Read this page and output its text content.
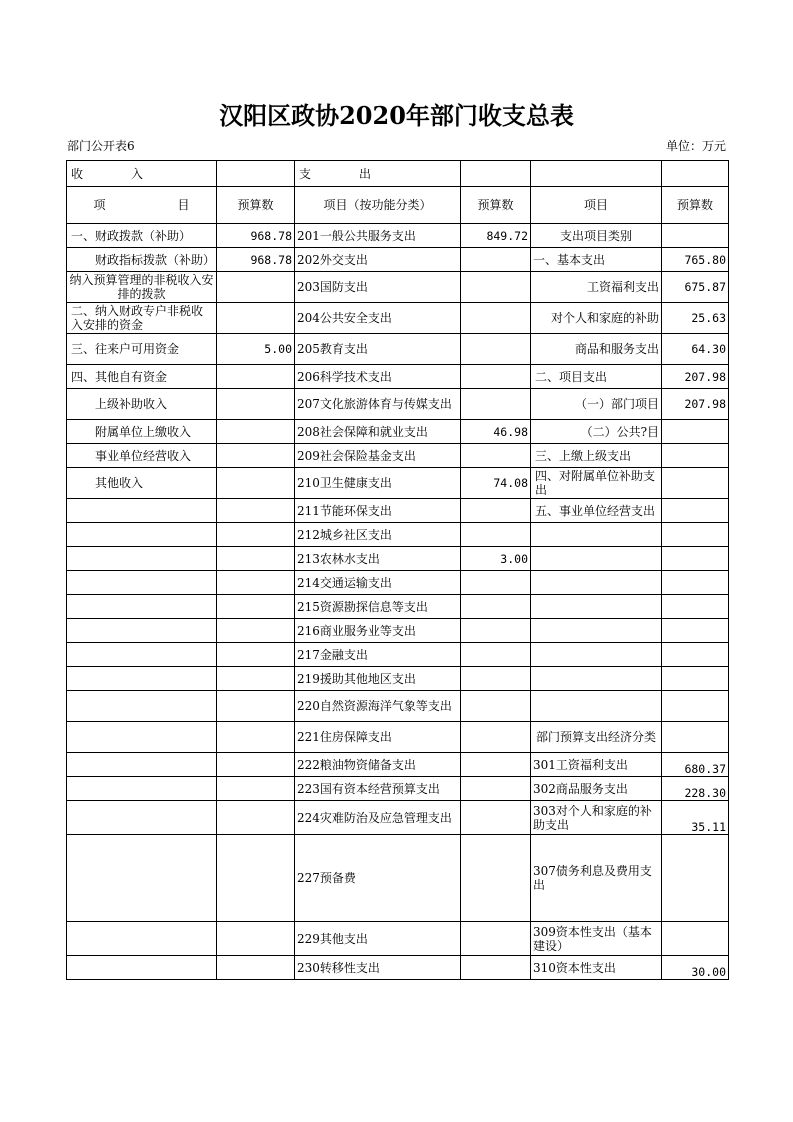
汉阳区政协2020年部门收支总表
部门公开表6	单位：万元
收　　　　入		支　　　　出			
项　　　　　　目	预算数	项目（按功能分类）	预算数	项目	预算数
一、财政拨款（补助）	968.78	201一般公共服务支出	849.72	支出项目类别	
财政指标拨款（补助）	968.78	202外交支出		一、基本支出	765.80
纳入预算管理的非税收入安排的拨款		203国防支出		工资福利支出	675.87
二、纳入财政专户非税收入安排的资金		204公共安全支出		对个人和家庭的补助	25.63
三、往来户可用资金	5.00	205教育支出		商品和服务支出	64.30
四、其他自有资金		206科学技术支出		二、项目支出	207.98
上级补助收入		207文化旅游体育与传媒支出		（一）部门项目	207.98
附属单位上缴收入		208社会保障和就业支出	46.98	（二）公共?目	
事业单位经营收入		209社会保险基金支出		三、上缴上级支出	
其他收入		210卫生健康支出	74.08	四、对附属单位补助支出	
		211节能环保支出		五、事业单位经营支出	
		212城乡社区支出			
		213农林水支出	3.00		
		214交通运输支出			
		215资源勘探信息等支出			
		216商业服务业等支出			
		217金融支出			
		219援助其他地区支出			
		220自然资源海洋气象等支出			
		221住房保障支出		部门预算支出经济分类	
		222粮油物资储备支出		301工资福利支出	680.37
		223国有资本经营预算支出		302商品服务支出	228.30
		224灾难防治及应急管理支出		303对个人和家庭的补助支出	35.11
		227预备费		307债务利息及费用支出	
		229其他支出		309资本性支出（基本建设）	
		230转移性支出		310资本性支出	30.00
